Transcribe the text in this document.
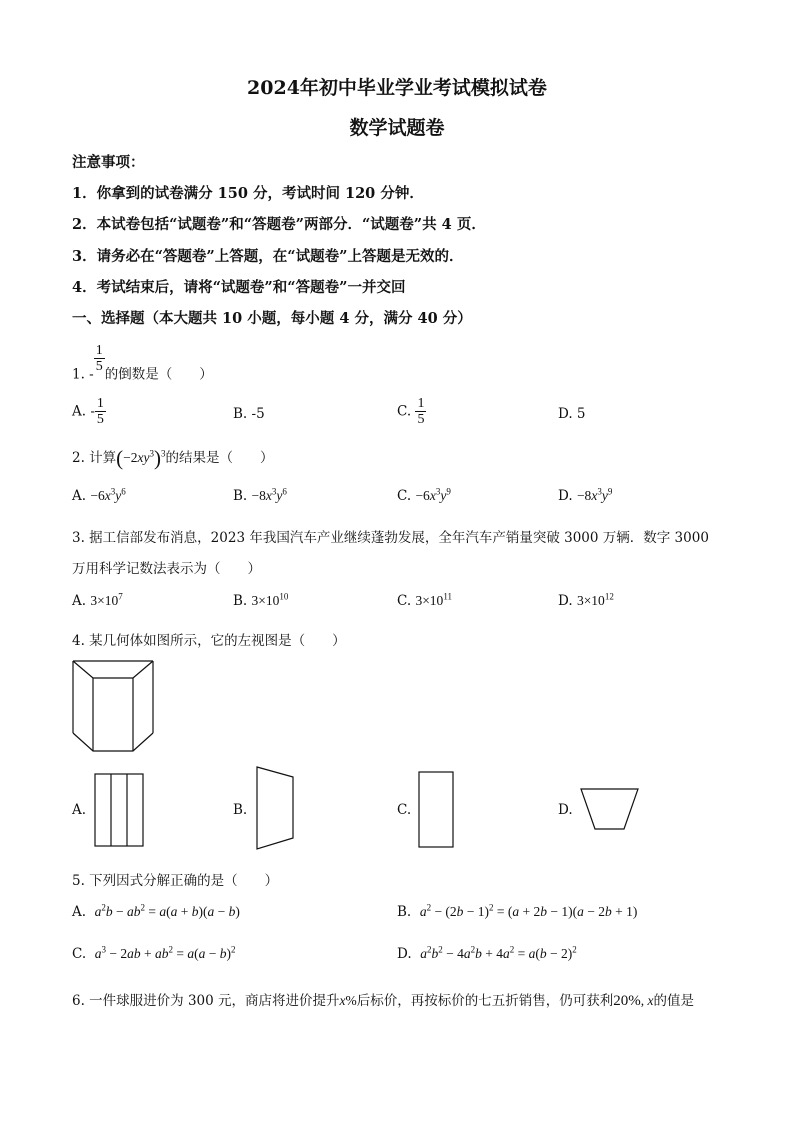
2024年初中毕业学业考试模拟试卷
数学试题卷
注意事项：
1．你拿到的试卷满分 150 分，考试时间 120 分钟．
2．本试卷包括“试题卷”和“答题卷”两部分．“试题卷”共 4 页．
3．请务必在“答题卷”上答题，在“试题卷”上答题是无效的．
4．考试结束后，请将“试题卷”和“答题卷”一并交回
一、选择题（本大题共 10 小题，每小题 4 分，满分 40 分）
1. - $\frac{1}{5}$ 的倒数是（　　）
A. - $\frac{1}{5}$	B. -5	C. $\frac{1}{5}$	D. 5
2. 计算$(-2xy^3)^3$的结果是（　　）
A. $-6x^3y^6$	B. $-8x^3y^6$	C. $-6x^3y^9$	D. $-8x^3y^9$
3. 据工信部发布消息，2023 年我国汽车产业继续蓬勃发展，全年汽车产销量突破 3000 万辆．数字 3000
万用科学记数法表示为（　　）
A. $3\times 10^7$	B. $3\times 10^{10}$	C. $3\times 10^{11}$	D. $3\times 10^{12}$
4. 某几何体如图所示，它的左视图是（　　）
A.	B.	C.	D.
5. 下列因式分解正确的是（　　）
A. $a^2b - ab^2 = a(a + b)(a - b)$	B. $a^2 - (2b - 1)^2 = (a + 2b - 1)(a - 2b + 1)$
C. $a^3 - 2ab + ab^2 = a(a - b)^2$	D. $a^2b^2 - 4a^2b + 4a^2 = a(b - 2)^2$
6. 一件球服进价为 300 元，商店将进价提升x%后标价，再按标价的七五折销售，仍可获利20%, x的值是
